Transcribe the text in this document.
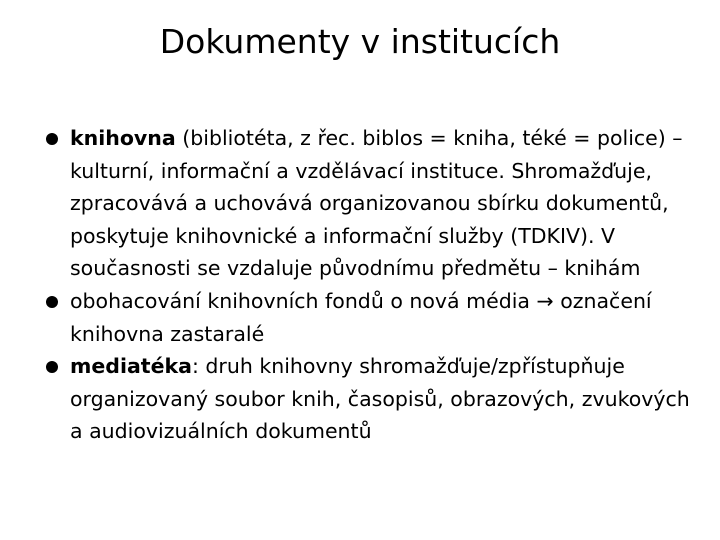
Dokumenty v institucích
knihovna (bibliotéta, z řec. biblos = kniha, téké = police) – kulturní, informační a vzdělávací instituce. Shromažďuje, zpracovává a uchovává organizovanou sbírku dokumentů, poskytuje knihovnické a informační služby (TDKIV). V současnosti se vzdaluje původnímu předmětu – knihám
obohacování knihovních fondů o nová média → označení knihovna zastaralé
mediatéka: druh knihovny shromažďuje/zpřístupňuje organizovaný soubor knih, časopisů, obrazových, zvukových a audiovizuálních dokumentů
